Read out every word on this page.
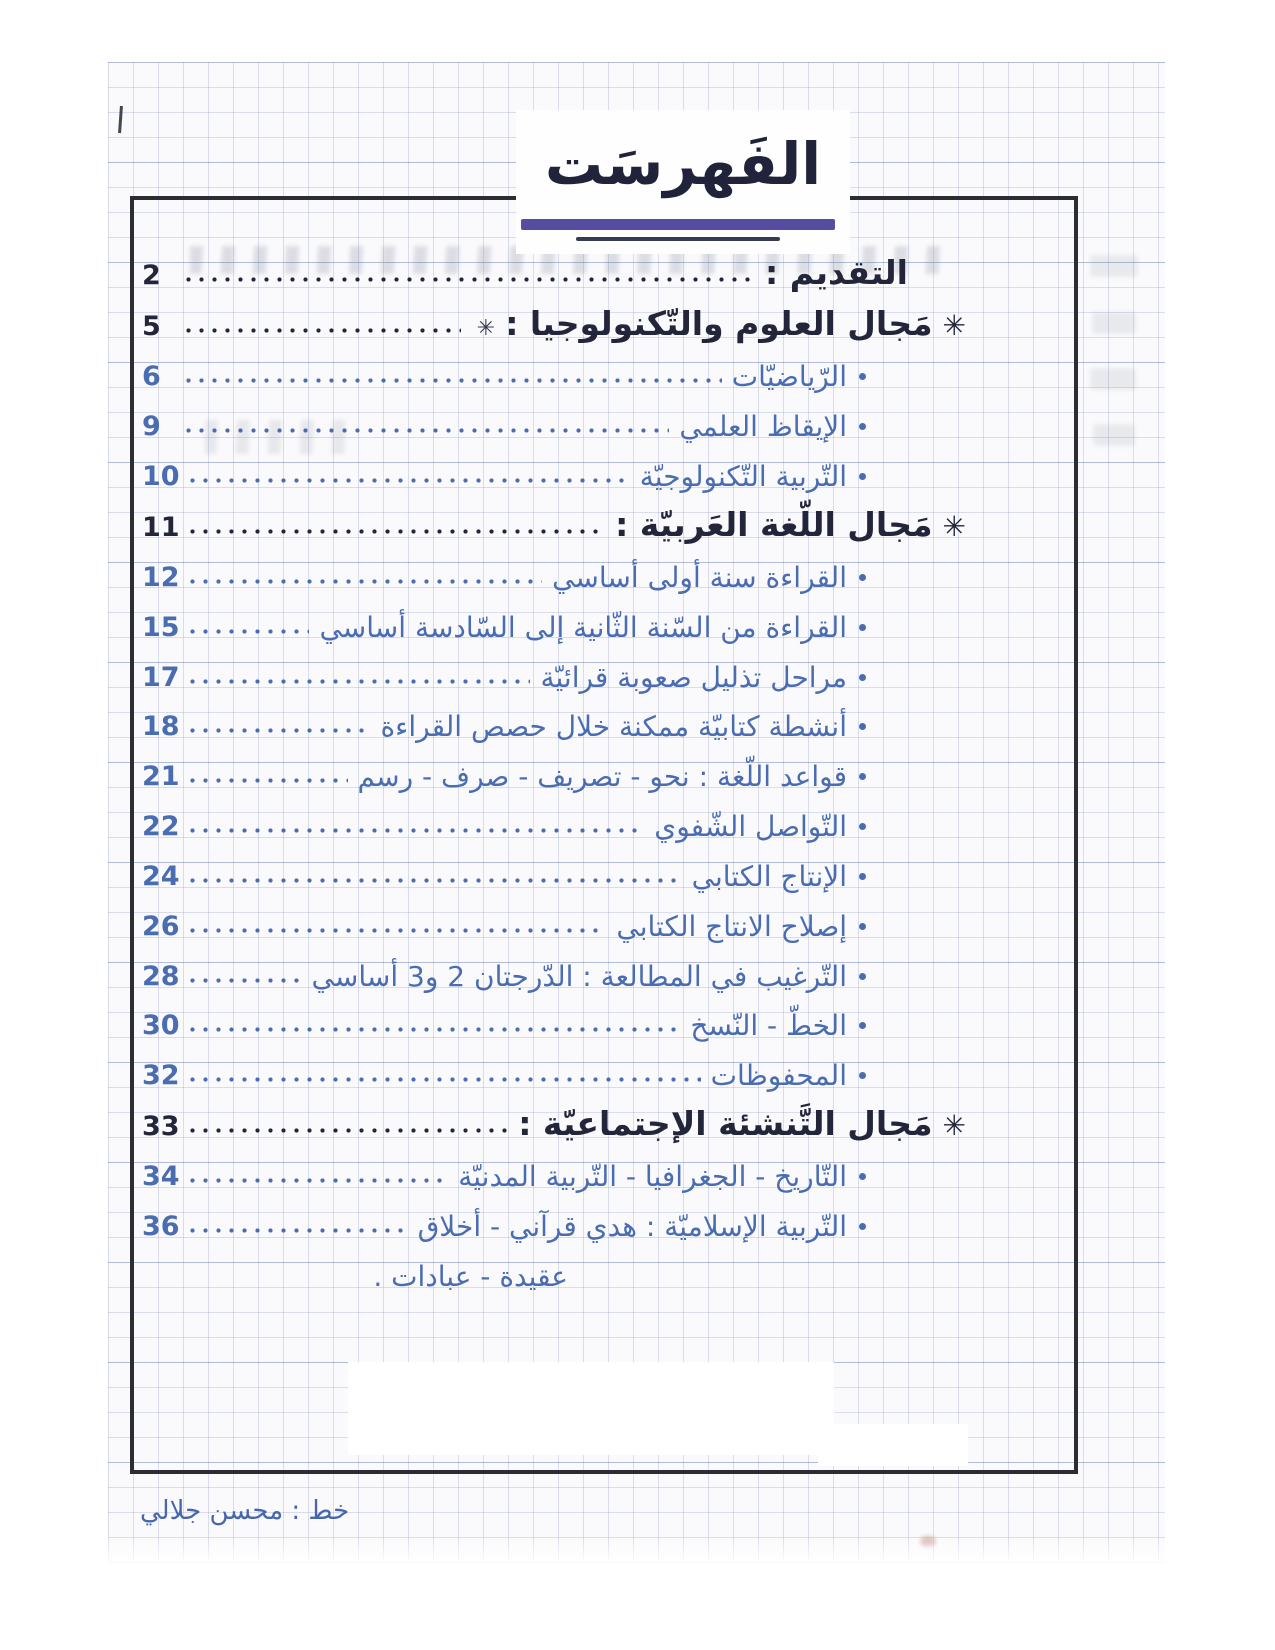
الفَهرسَت
التقديم :
2
✳
مَجال العلوم والتّكنولوجيا :
✳
5
الرّياضيّات
6
الإيقاظ العلمي
9
التّربية التّكنولوجيّة
10
✳
مَجال اللّغة العَربيّة :
11
القراءة سنة أولى أساسي
12
القراءة من السّنة الثّانية إلى السّادسة أساسي
15
مراحل تذليل صعوبة قرائيّة
17
أنشطة كتابيّة ممكنة خلال حصص القراءة
18
قواعد اللّغة : نحو - تصريف - صرف - رسم
21
التّواصل الشّفوي
22
الإنتاج الكتابي
24
إصلاح الانتاج الكتابي
26
التّرغيب في المطالعة : الدّرجتان 2 و3 أساسي
28
الخطّ - النّسخ
30
المحفوظات
32
✳
مَجال التَّنشئة الإجتماعيّة :
33
التّاريخ - الجغرافيا - التّربية المدنيّة
34
التّربية الإسلاميّة : هدي قرآني - أخلاق
36
عقيدة - عبادات .
خط : محسن جلالي
